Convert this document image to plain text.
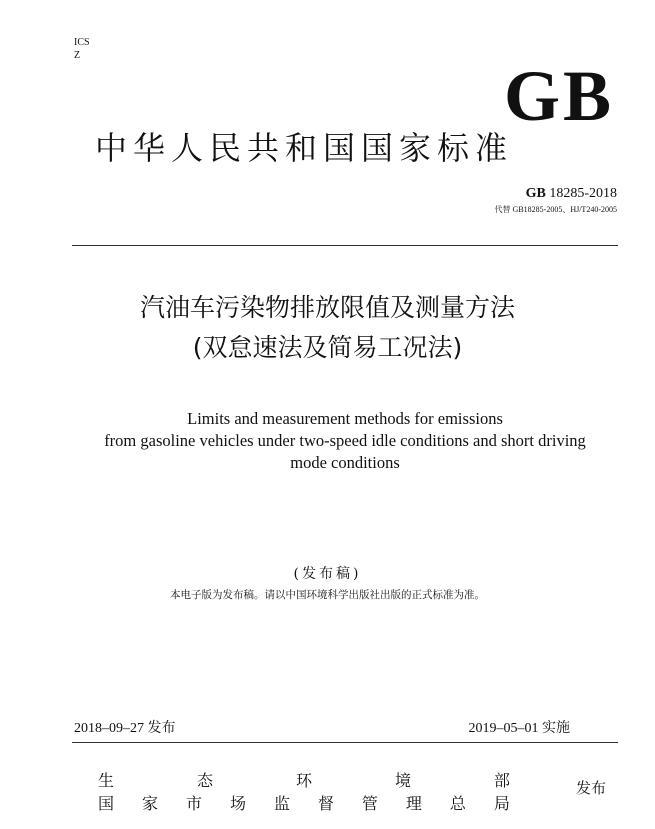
ICS
Z
GB
中华人民共和国国家标准
GB 18285-2018
代替 GB18285-2005、HJ/T240-2005
汽油车污染物排放限值及测量方法
(双怠速法及简易工况法)
Limits and measurement methods for emissions
from gasoline vehicles under two-speed idle conditions and short driving
mode conditions
(发布稿)
本电子版为发布稿。请以中国环境科学出版社出版的正式标准为准。
2018–09–27 发布	2019–05–01 实施
生	态	环	境	部
国 家 市 场 监 督 管 理 总 局
发布
